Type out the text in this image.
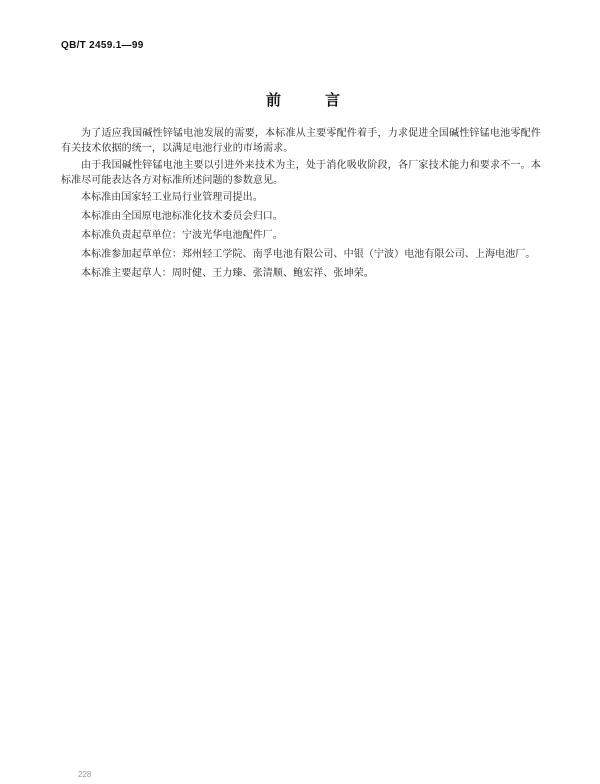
QB/T 2459.1—99
前	言

为了适应我国碱性锌锰电池发展的需要，本标准从主要零配件着手，力求促进全国碱性锌锰电池零配件有关技术依据的统一，以满足电池行业的市场需求。

由于我国碱性锌锰电池主要以引进外来技术为主，处于消化吸收阶段，各厂家技术能力和要求不一。本标准尽可能表达各方对标准所述问题的参数意见。

本标准由国家轻工业局行业管理司提出。

本标准由全国原电池标准化技术委员会归口。

本标准负责起草单位：宁波光华电池配件厂。

本标准参加起草单位：郑州轻工学院、南孚电池有限公司、中银（宁波）电池有限公司、上海电池厂。

本标准主要起草人：周时健、王力臻、张清顺、鲍宏祥、张坤荣。

228
